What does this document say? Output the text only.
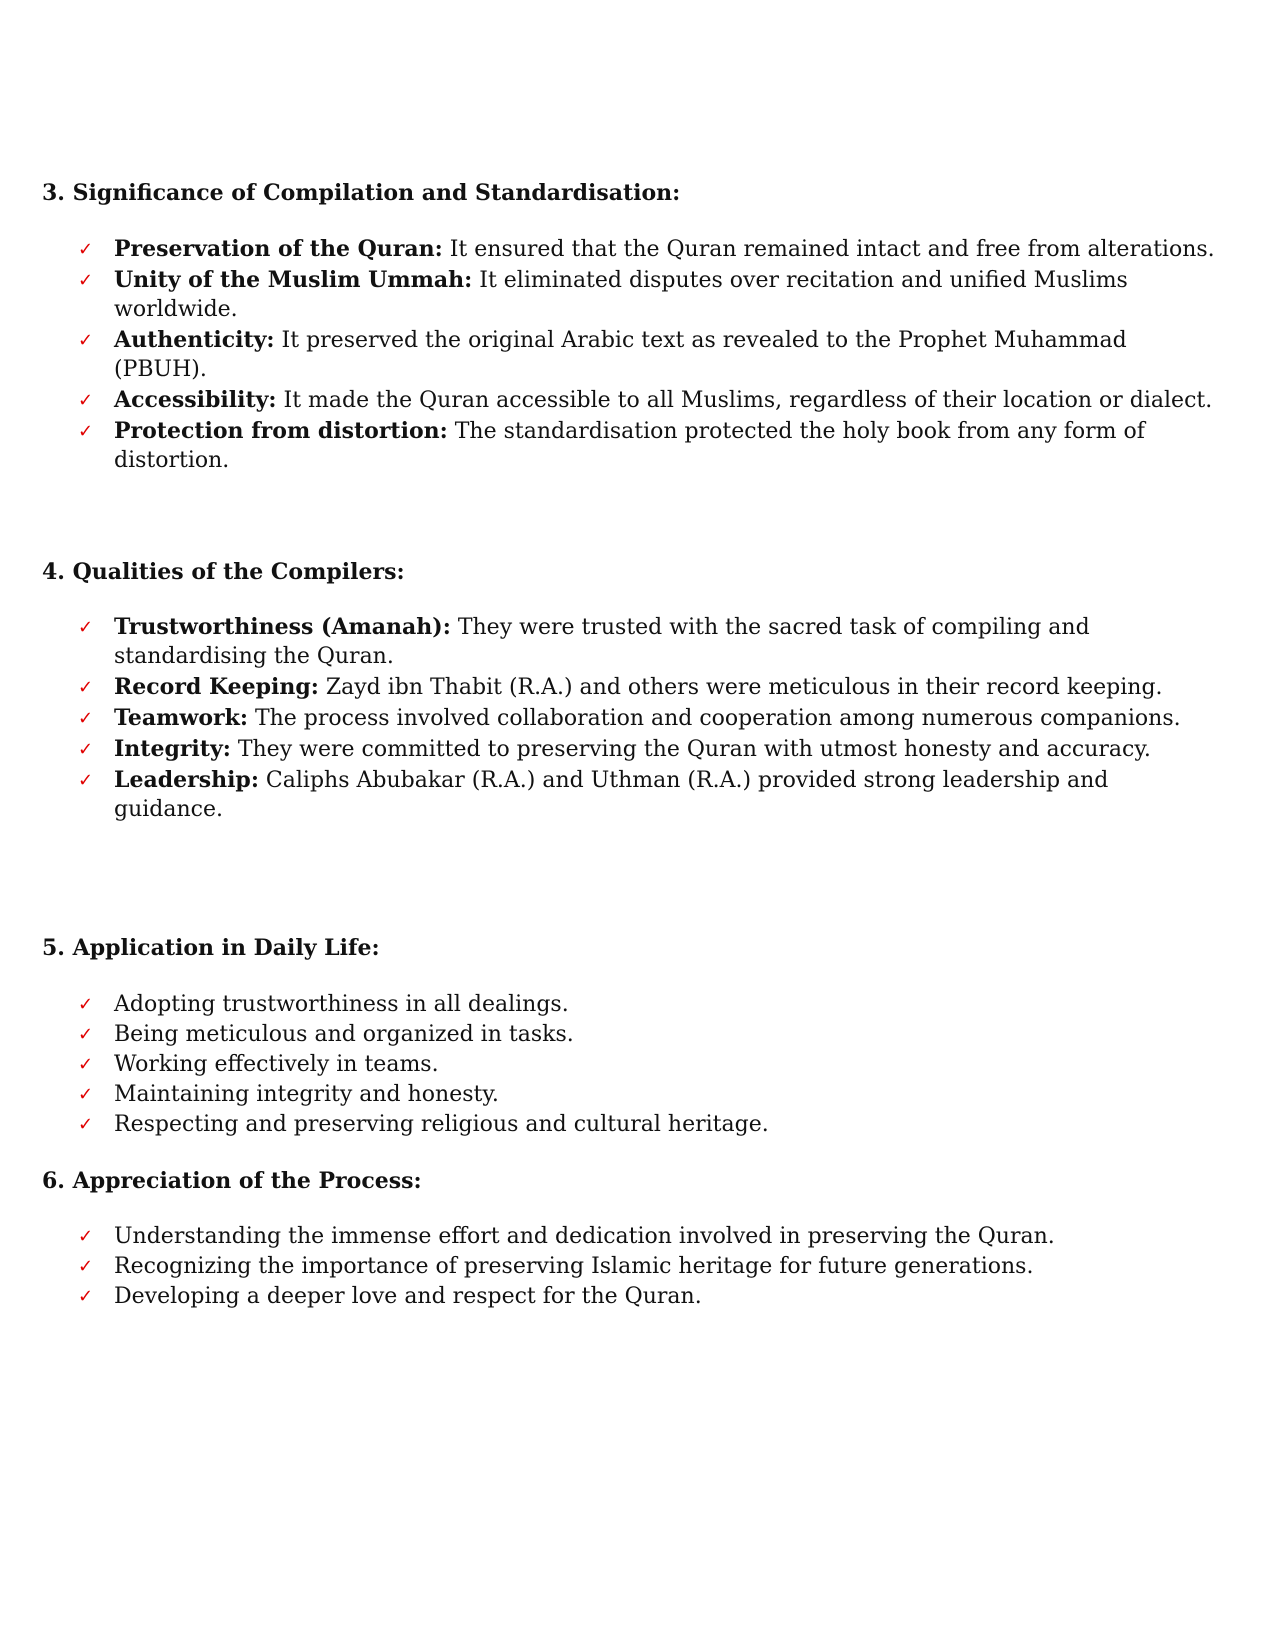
3. Significance of Compilation and Standardisation:
✓ Preservation of the Quran: It ensured that the Quran remained intact and free from alterations.
✓ Unity of the Muslim Ummah: It eliminated disputes over recitation and unified Muslims worldwide.
✓ Authenticity: It preserved the original Arabic text as revealed to the Prophet Muhammad (PBUH).
✓ Accessibility: It made the Quran accessible to all Muslims, regardless of their location or dialect.
✓ Protection from distortion: The standardisation protected the holy book from any form of distortion.
4. Qualities of the Compilers:
✓ Trustworthiness (Amanah): They were trusted with the sacred task of compiling and standardising the Quran.
✓ Record Keeping: Zayd ibn Thabit (R.A.) and others were meticulous in their record keeping.
✓ Teamwork: The process involved collaboration and cooperation among numerous companions.
✓ Integrity: They were committed to preserving the Quran with utmost honesty and accuracy.
✓ Leadership: Caliphs Abubakar (R.A.) and Uthman (R.A.) provided strong leadership and guidance.
5. Application in Daily Life:
✓ Adopting trustworthiness in all dealings.
✓ Being meticulous and organized in tasks.
✓ Working effectively in teams.
✓ Maintaining integrity and honesty.
✓ Respecting and preserving religious and cultural heritage.
6. Appreciation of the Process:
✓ Understanding the immense effort and dedication involved in preserving the Quran.
✓ Recognizing the importance of preserving Islamic heritage for future generations.
✓ Developing a deeper love and respect for the Quran.
